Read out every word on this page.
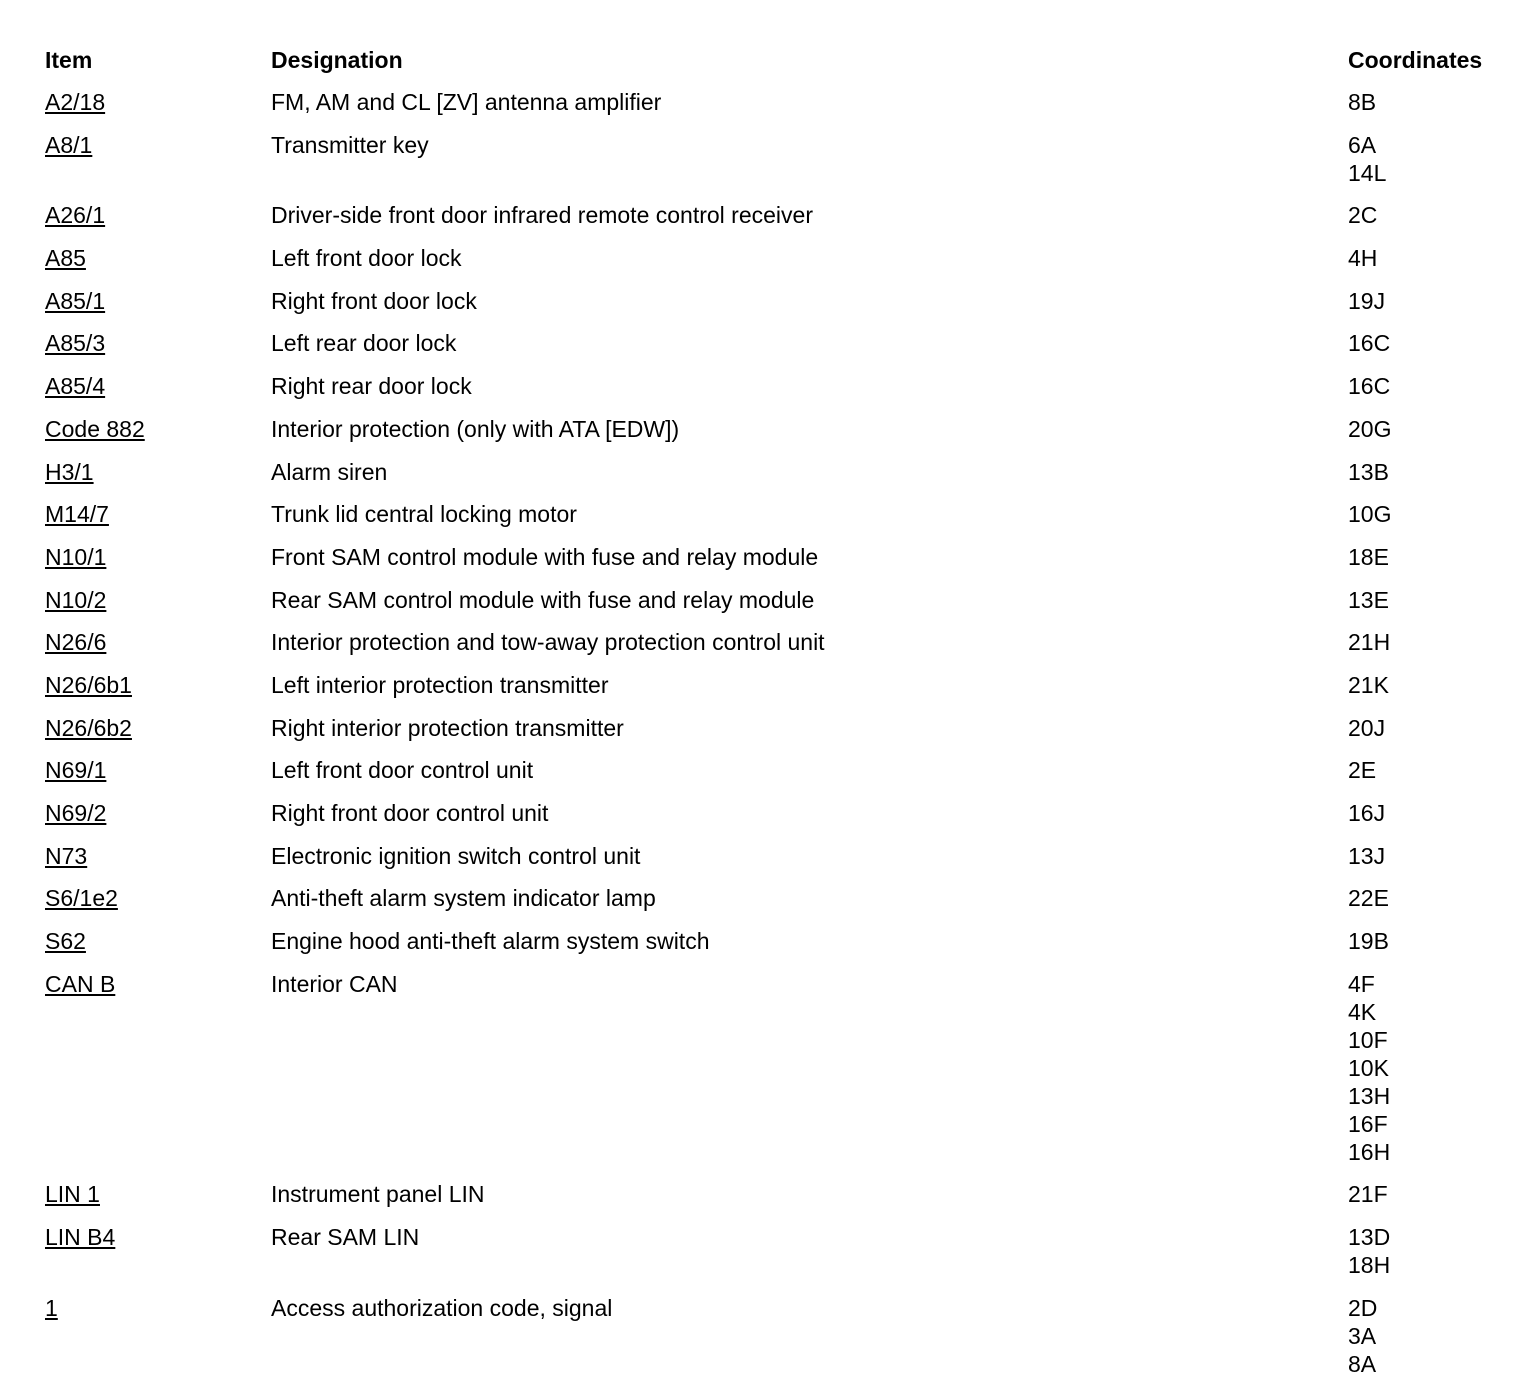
Item	Designation	Coordinates
A2/18	FM, AM and CL [ZV] antenna amplifier	8B
A8/1	Transmitter key	6A
14L
A26/1	Driver-side front door infrared remote control receiver	2C
A85	Left front door lock	4H
A85/1	Right front door lock	19J
A85/3	Left rear door lock	16C
A85/4	Right rear door lock	16C
Code 882	Interior protection (only with ATA [EDW])	20G
H3/1	Alarm siren	13B
M14/7	Trunk lid central locking motor	10G
N10/1	Front SAM control module with fuse and relay module	18E
N10/2	Rear SAM control module with fuse and relay module	13E
N26/6	Interior protection and tow-away protection control unit	21H
N26/6b1	Left interior protection transmitter	21K
N26/6b2	Right interior protection transmitter	20J
N69/1	Left front door control unit	2E
N69/2	Right front door control unit	16J
N73	Electronic ignition switch control unit	13J
S6/1e2	Anti-theft alarm system indicator lamp	22E
S62	Engine hood anti-theft alarm system switch	19B
CAN B	Interior CAN	4F
4K
10F
10K
13H
16F
16H
LIN 1	Instrument panel LIN	21F
LIN B4	Rear SAM LIN	13D
18H
1	Access authorization code, signal	2D
3A
8A
